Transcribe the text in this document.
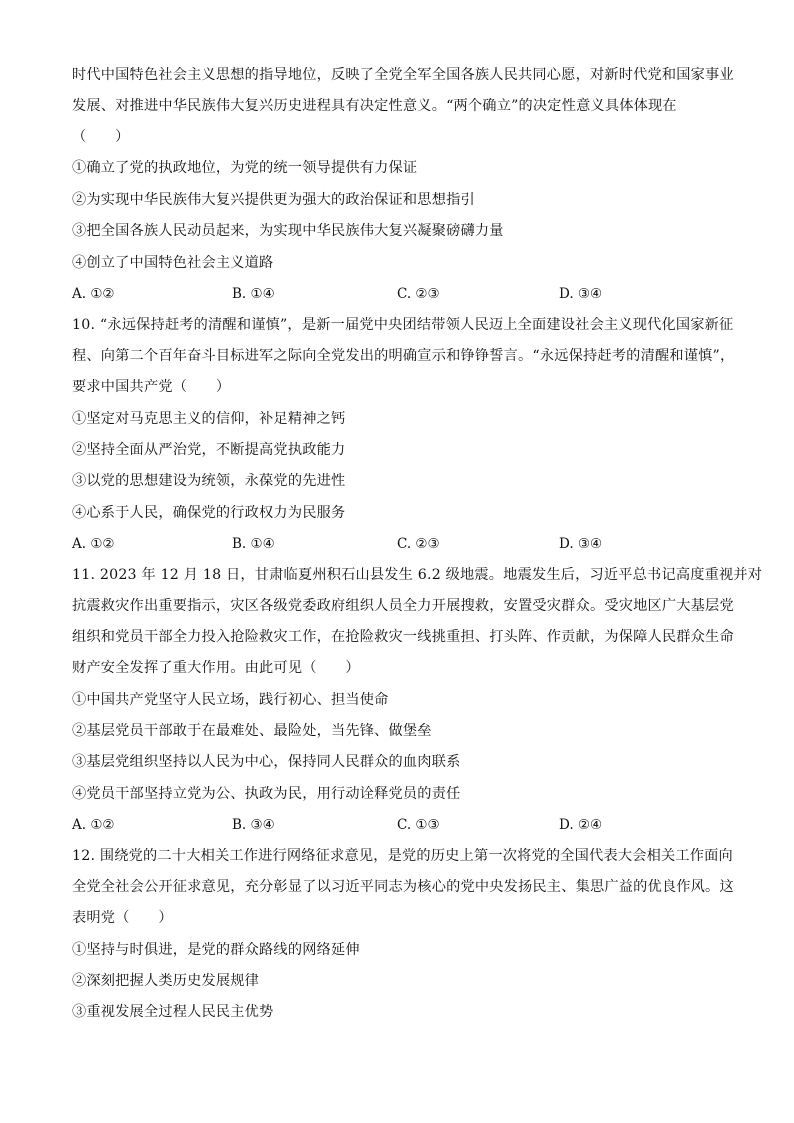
时代中国特色社会主义思想的指导地位，反映了全党全军全国各族人民共同心愿，对新时代党和国家事业
发展、对推进中华民族伟大复兴历史进程具有决定性意义。“两个确立”的决定性意义具体体现在
（　　）
①确立了党的执政地位，为党的统一领导提供有力保证
②为实现中华民族伟大复兴提供更为强大的政治保证和思想指引
③把全国各族人民动员起来，为实现中华民族伟大复兴凝聚磅礴力量
④创立了中国特色社会主义道路
A. ①②	B. ①④	C. ②③	D. ③④
10. “永远保持赶考的清醒和谨慎”，是新一届党中央团结带领人民迈上全面建设社会主义现代化国家新征
程、向第二个百年奋斗目标进军之际向全党发出的明确宣示和铮铮誓言。“永远保持赶考的清醒和谨慎”，
要求中国共产党（　　）
①坚定对马克思主义的信仰，补足精神之钙
②坚持全面从严治党，不断提高党执政能力
③以党的思想建设为统领，永葆党的先进性
④心系于人民，确保党的行政权力为民服务
A. ①②	B. ①④	C. ②③	D. ③④
11. 2023 年 12 月 18 日，甘肃临夏州积石山县发生 6.2 级地震。地震发生后，习近平总书记高度重视并对
抗震救灾作出重要指示，灾区各级党委政府组织人员全力开展搜救，安置受灾群众。受灾地区广大基层党
组织和党员干部全力投入抢险救灾工作，在抢险救灾一线挑重担、打头阵、作贡献，为保障人民群众生命
财产安全发挥了重大作用。由此可见（　　）
①中国共产党坚守人民立场，践行初心、担当使命
②基层党员干部敢于在最难处、最险处，当先锋、做堡垒
③基层党组织坚持以人民为中心，保持同人民群众的血肉联系
④党员干部坚持立党为公、执政为民，用行动诠释党员的责任
A. ①②	B. ③④	C. ①③	D. ②④
12. 围绕党的二十大相关工作进行网络征求意见，是党的历史上第一次将党的全国代表大会相关工作面向
全党全社会公开征求意见，充分彰显了以习近平同志为核心的党中央发扬民主、集思广益的优良作风。这
表明党（　　）
①坚持与时俱进，是党的群众路线的网络延伸
②深刻把握人类历史发展规律
③重视发展全过程人民民主优势
